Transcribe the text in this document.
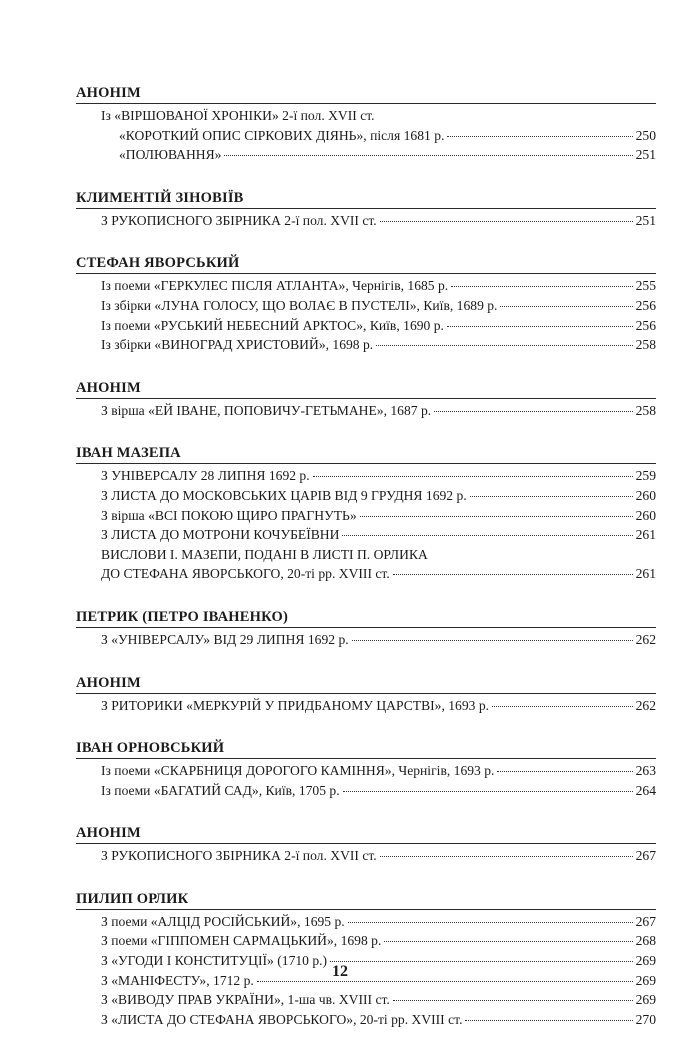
АНОНІМ
Із «ВІРШОВАНОЇ ХРОНІКИ» 2-ї пол. XVII ст.
«КОРОТКИЙ ОПИС СІРКОВИХ ДІЯНЬ», після 1681 р.	250
«ПОЛЮВАННЯ»	251
КЛИМЕНТІЙ ЗІНОВІЇВ
З РУКОПИСНОГО ЗБІРНИКА 2-ї пол. XVII ст.	251
СТЕФАН ЯВОРСЬКИЙ
Із поеми «ГЕРКУЛЕС ПІСЛЯ АТЛАНТА», Чернігів, 1685 р.	255
Із збірки «ЛУНА ГОЛОСУ, ЩО ВОЛАЄ В ПУСТЕЛІ», Київ, 1689 р.	256
Із поеми «РУСЬКИЙ НЕБЕСНИЙ АРКТОС», Київ, 1690 р.	256
Із збірки «ВИНОГРАД ХРИСТОВИЙ», 1698 р.	258
АНОНІМ
З вірша «ЕЙ ІВАНЕ, ПОПОВИЧУ-ГЕТЬМАНЕ», 1687 р.	258
ІВАН МАЗЕПА
З УНІВЕРСАЛУ 28 ЛИПНЯ 1692 р.	259
З ЛИСТА ДО МОСКОВСЬКИХ ЦАРІВ ВІД 9 ГРУДНЯ 1692 р.	260
З вірша «ВСІ ПОКОЮ ЩИРО ПРАГНУТЬ»	260
З ЛИСТА ДО МОТРОНИ КОЧУБЕЇВНИ	261
ВИСЛОВИ І. МАЗЕПИ, ПОДАНІ В ЛИСТІ П. ОРЛИКА
ДО СТЕФАНА ЯВОРСЬКОГО, 20-ті рр. XVIII ст.	261
ПЕТРИК (ПЕТРО ІВАНЕНКО)
З «УНІВЕРСАЛУ» ВІД 29 ЛИПНЯ 1692 р.	262
АНОНІМ
З РИТОРИКИ «МЕРКУРІЙ У ПРИДБАНОМУ ЦАРСТВІ», 1693 р.	262
ІВАН ОРНОВСЬКИЙ
Із поеми «СКАРБНИЦЯ ДОРОГОГО КАМІННЯ», Чернігів, 1693 р.	263
Із поеми «БАГАТИЙ САД», Київ, 1705 р.	264
АНОНІМ
З РУКОПИСНОГО ЗБІРНИКА 2-ї пол. XVII ст.	267
ПИЛИП ОРЛИК
З поеми «АЛЦІД РОСІЙСЬКИЙ», 1695 р.	267
З поеми «ГІППОМЕН САРМАЦЬКИЙ», 1698 р.	268
З «УГОДИ І КОНСТИТУЦІЇ» (1710 р.)	269
З «МАНІФЕСТУ», 1712 р.	269
З «ВИВОДУ ПРАВ УКРАЇНИ», 1-ша чв. XVIII ст.	269
З «ЛИСТА ДО СТЕФАНА ЯВОРСЬКОГО», 20-ті рр. XVIII ст.	270
12
